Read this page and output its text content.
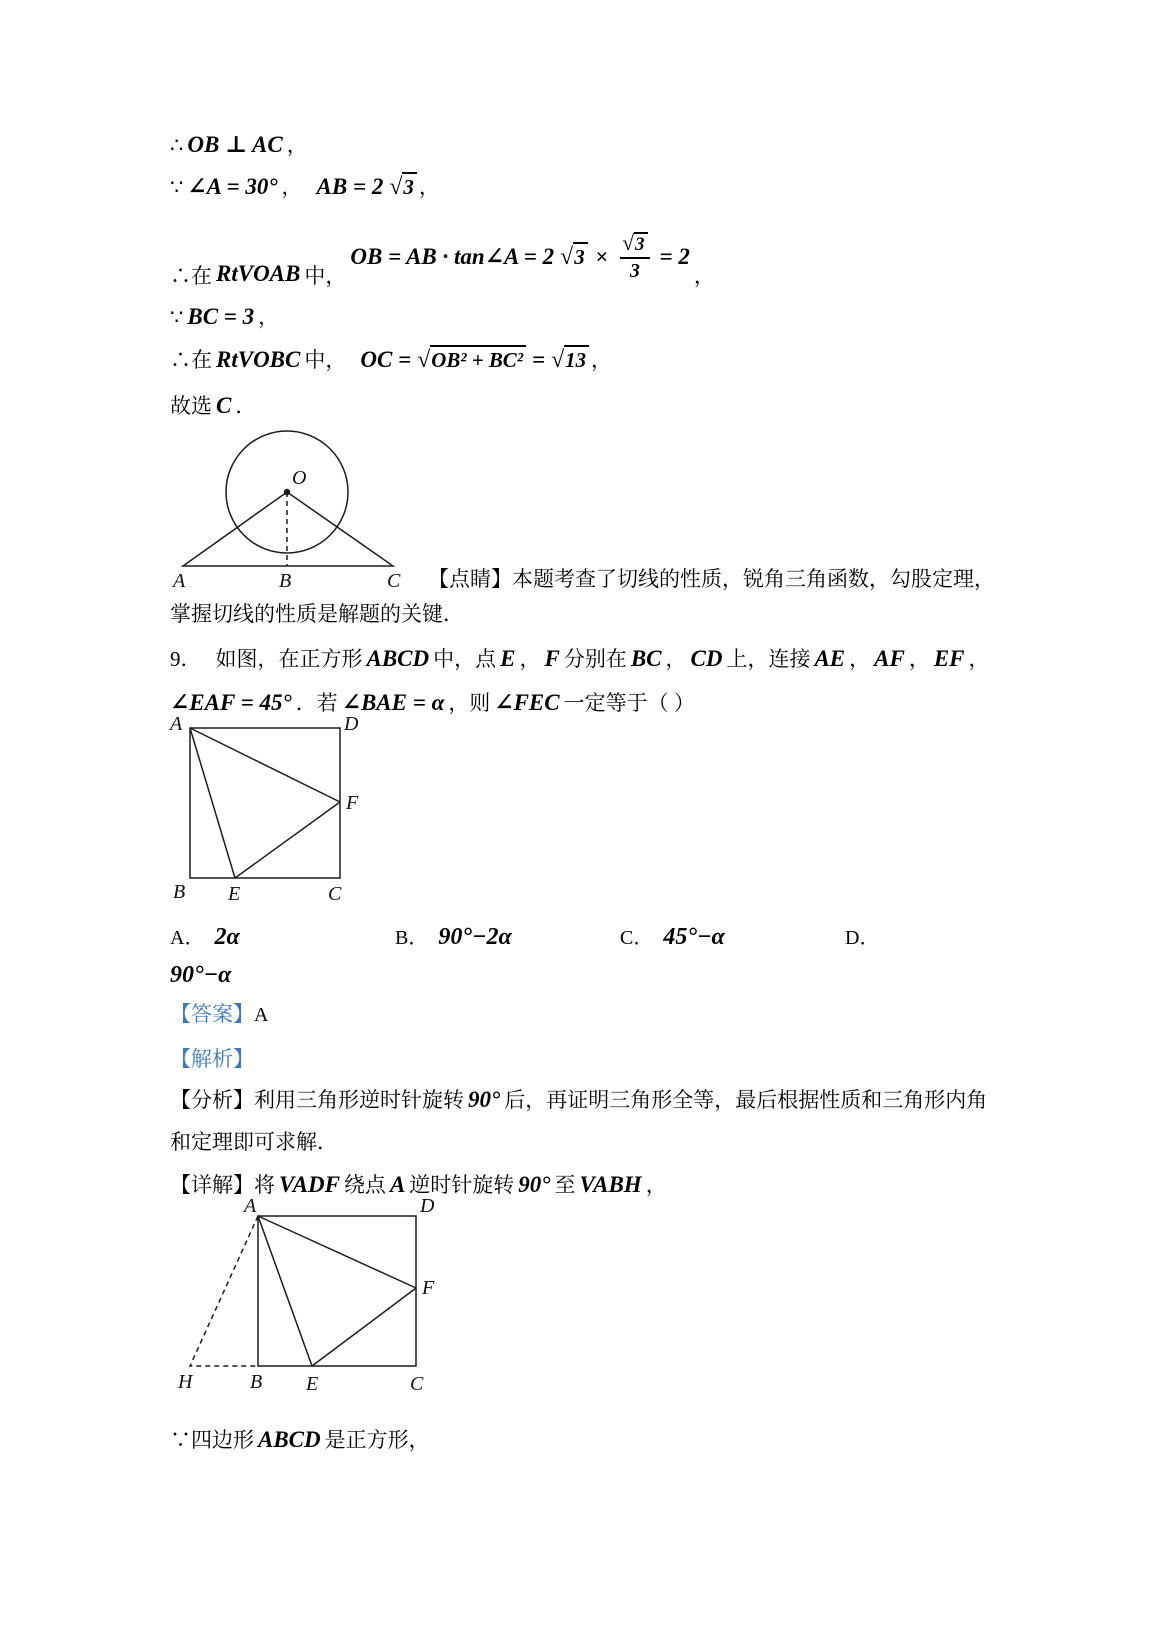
∴ OB ⊥ AC ，
∵ ∠A = 30° ， AB = 2 √ 3 ，
∴在 RtVOAB 中，
OB = AB · tan∠A = 2 √ $3 \times \frac{√ 3}{3} = 2$
，
∵ BC = 3 ，
∴在 RtVOBC 中， OC = √ OB² + BC² = √ 13 ，
故选 C ．
O
A	B	C 【点睛】本题考查了切线的性质，锐角三角函数，勾股定理，
掌握切线的性质是解题的关键．
9． 如图，在正方形 ABCD 中，点 E ， F 分别在 BC ， CD 上，连接 AE ， AF ， EF ，
∠EAF = 45° ．若 ∠BAE = α ，则 ∠FEC 一定等于（ ）
A	D
B E	C
F
A． 2α	B． 90°−2α	C． 45°−α	D．
90°−α
【答案】 A
【解析】
【分析】利用三角形逆时针旋转 90° 后，再证明三角形全等，最后根据性质和三角形内角
和定理即可求解．
【详解】将 VADF 绕点 A 逆时针旋转 90° 至 VABH ，
A	D
H	B E	C
F
∵四边形 ABCD 是正方形，
